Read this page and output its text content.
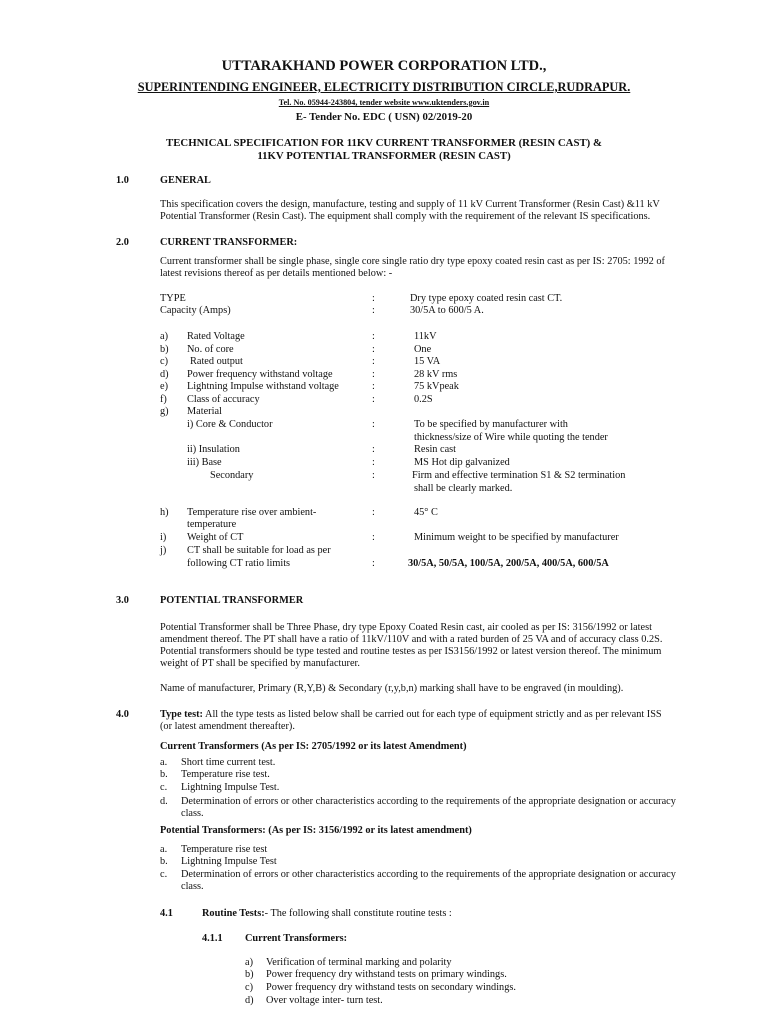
UTTARAKHAND POWER CORPORATION LTD.,
SUPERINTENDING ENGINEER, ELECTRICITY DISTRIBUTION CIRCLE,RUDRAPUR.
Tel. No. 05944-243804, tender website www.uktenders.gov.in
E- Tender No. EDC ( USN) 02/2019-20
TECHNICAL SPECIFICATION FOR 11KV CURRENT TRANSFORMER (RESIN CAST) &
11KV POTENTIAL TRANSFORMER (RESIN CAST)
1.0	GENERAL
This specification covers the design, manufacture, testing and supply of 11 kV Current Transformer (Resin Cast) &11 kV
Potential Transformer (Resin Cast). The equipment shall comply with the requirement of the relevant IS specifications.
2.0	CURRENT TRANSFORMER:
Current transformer shall be single phase, single core single ratio dry type epoxy coated resin cast as per IS: 2705: 1992 of
latest revisions thereof as per details mentioned below: -
TYPE	:	Dry type epoxy coated resin cast CT.
Capacity (Amps)	:	30/5A to 600/5 A.
a) Rated Voltage	:	11kV
b) No. of core	:	One
c) Rated output	:	15 VA
d) Power frequency withstand voltage	:	28 kV rms
e) Lightning Impulse withstand voltage	:	75 kVpeak
f) Class of accuracy	:	0.2S
g) Material
i) Core & Conductor	:	To be specified by manufacturer with
thickness/size of Wire while quoting the tender
ii) Insulation	:	Resin cast
iii) Base	:	MS Hot dip galvanized
Secondary	:	Firm and effective termination S1 & S2 termination
shall be clearly marked.
h) Temperature rise over ambient-
temperature
:	45° C
i) Weight of CT	:	Minimum weight to be specified by manufacturer
j) CT shall be suitable for load as per
following CT ratio limits	:	30/5A, 50/5A, 100/5A, 200/5A, 400/5A, 600/5A
3.0	POTENTIAL TRANSFORMER
Potential Transformer shall be Three Phase, dry type Epoxy Coated Resin cast, air cooled as per IS: 3156/1992 or latest
amendment thereof. The PT shall have a ratio of 11kV/110V and with a rated burden of 25 VA and of accuracy class 0.2S.
Potential transformers should be type tested and routine testes as per IS3156/1992 or latest version thereof. The minimum
weight of PT shall be specified by manufacturer.
Name of manufacturer, Primary (R,Y,B) & Secondary (r,y,b,n) marking shall have to be engraved (in moulding).
4.0	Type test: All the type tests as listed below shall be carried out for each type of equipment strictly and as per relevant ISS
(or latest amendment thereafter).
Current Transformers (As per IS: 2705/1992 or its latest Amendment)
a. Short time current test.
b. Temperature rise test.
c. Lightning Impulse Test.
d. Determination of errors or other characteristics according to the requirements of the appropriate designation or accuracy
class.
Potential Transformers: (As per IS: 3156/1992 or its latest amendment)
a. Temperature rise test
b. Lightning Impulse Test
c. Determination of errors or other characteristics according to the requirements of the appropriate designation or accuracy
class.
4.1	Routine Tests:- The following shall constitute routine tests :
4.1.1 Current Transformers:
a) Verification of terminal marking and polarity
b) Power frequency dry withstand tests on primary windings.
c) Power frequency dry withstand tests on secondary windings.
d) Over voltage inter- turn test.
